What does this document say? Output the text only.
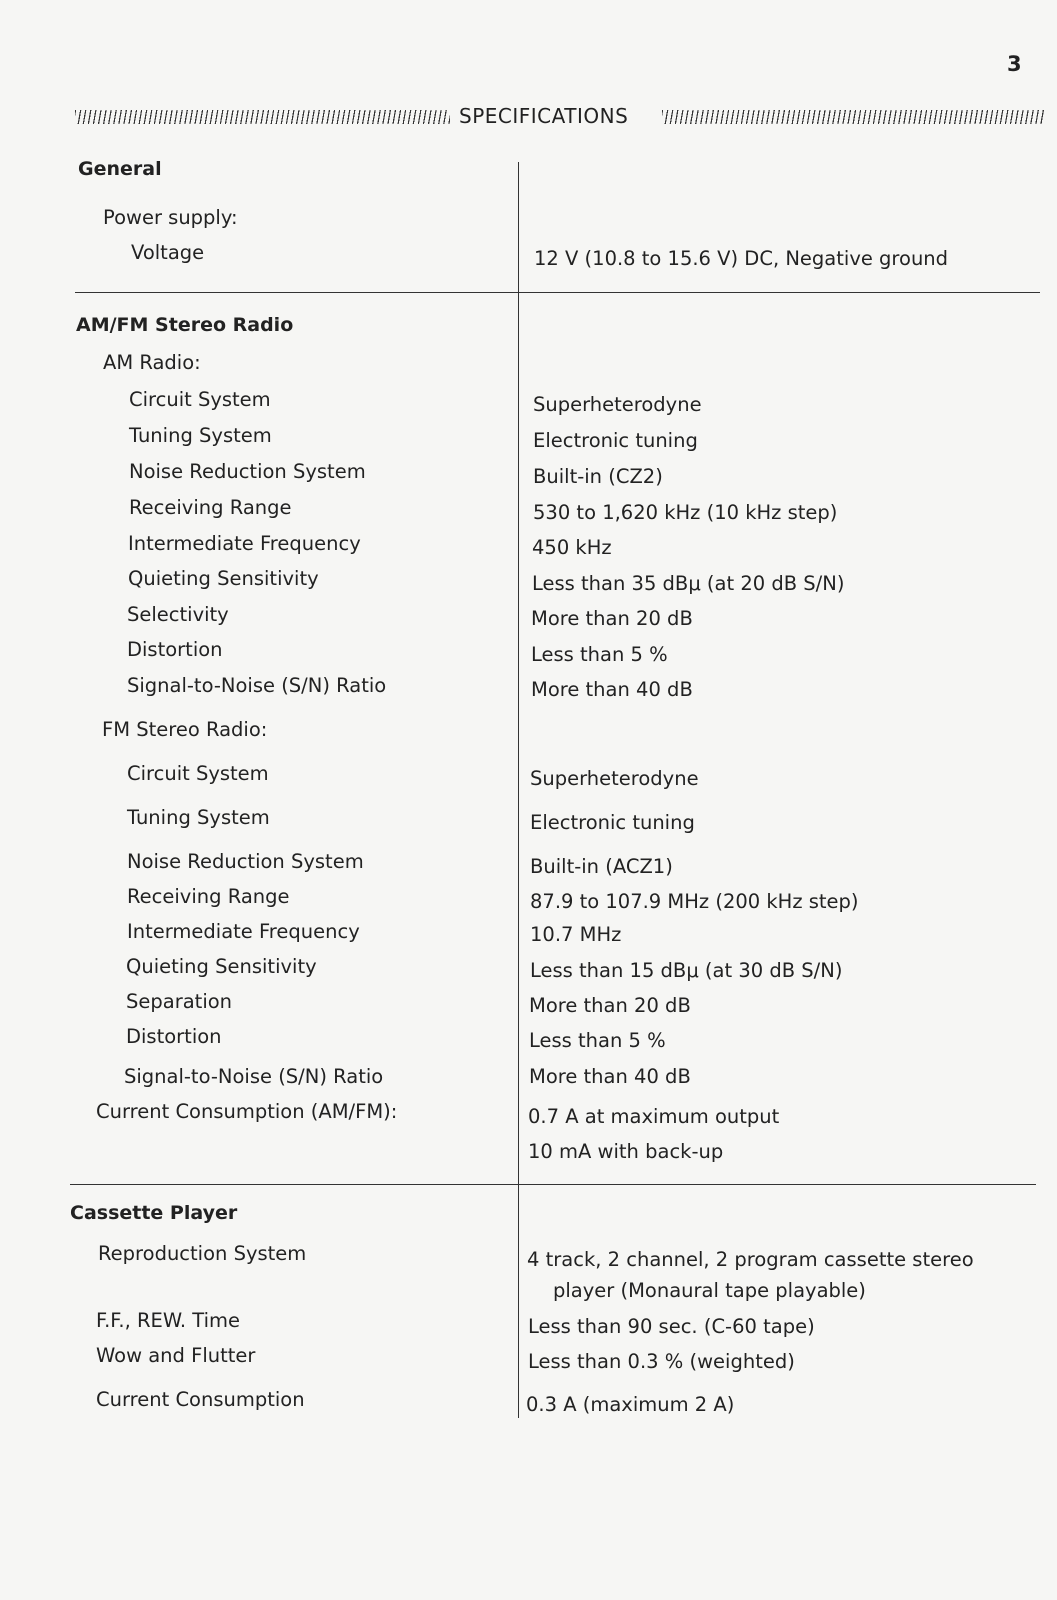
3
SPECIFICATIONS
General
Power supply:
Voltage	12 V (10.8 to 15.6 V) DC, Negative ground
AM/FM Stereo Radio
AM Radio:
Circuit System	Superheterodyne
Tuning System	Electronic tuning
Noise Reduction System	Built-in (CZ2)
Receiving Range	530 to 1,620 kHz (10 kHz step)
Intermediate Frequency	450 kHz
Quieting Sensitivity	Less than 35 dBμ (at 20 dB S/N)
Selectivity	More than 20 dB
Distortion	Less than 5 %
Signal-to-Noise (S/N) Ratio	More than 40 dB
FM Stereo Radio:
Circuit System	Superheterodyne
Tuning System	Electronic tuning
Noise Reduction System	Built-in (ACZ1)
Receiving Range	87.9 to 107.9 MHz (200 kHz step)
Intermediate Frequency	10.7 MHz
Quieting Sensitivity	Less than 15 dBμ (at 30 dB S/N)
Separation	More than 20 dB
Distortion	Less than 5 %
Signal-to-Noise (S/N) Ratio	More than 40 dB
Current Consumption (AM/FM):	0.7 A at maximum output
10 mA with back-up
Cassette Player
Reproduction System	4 track, 2 channel, 2 program cassette stereo
player (Monaural tape playable)
F.F., REW. Time	Less than 90 sec. (C-60 tape)
Wow and Flutter	Less than 0.3 % (weighted)
Current Consumption	0.3 A (maximum 2 A)
